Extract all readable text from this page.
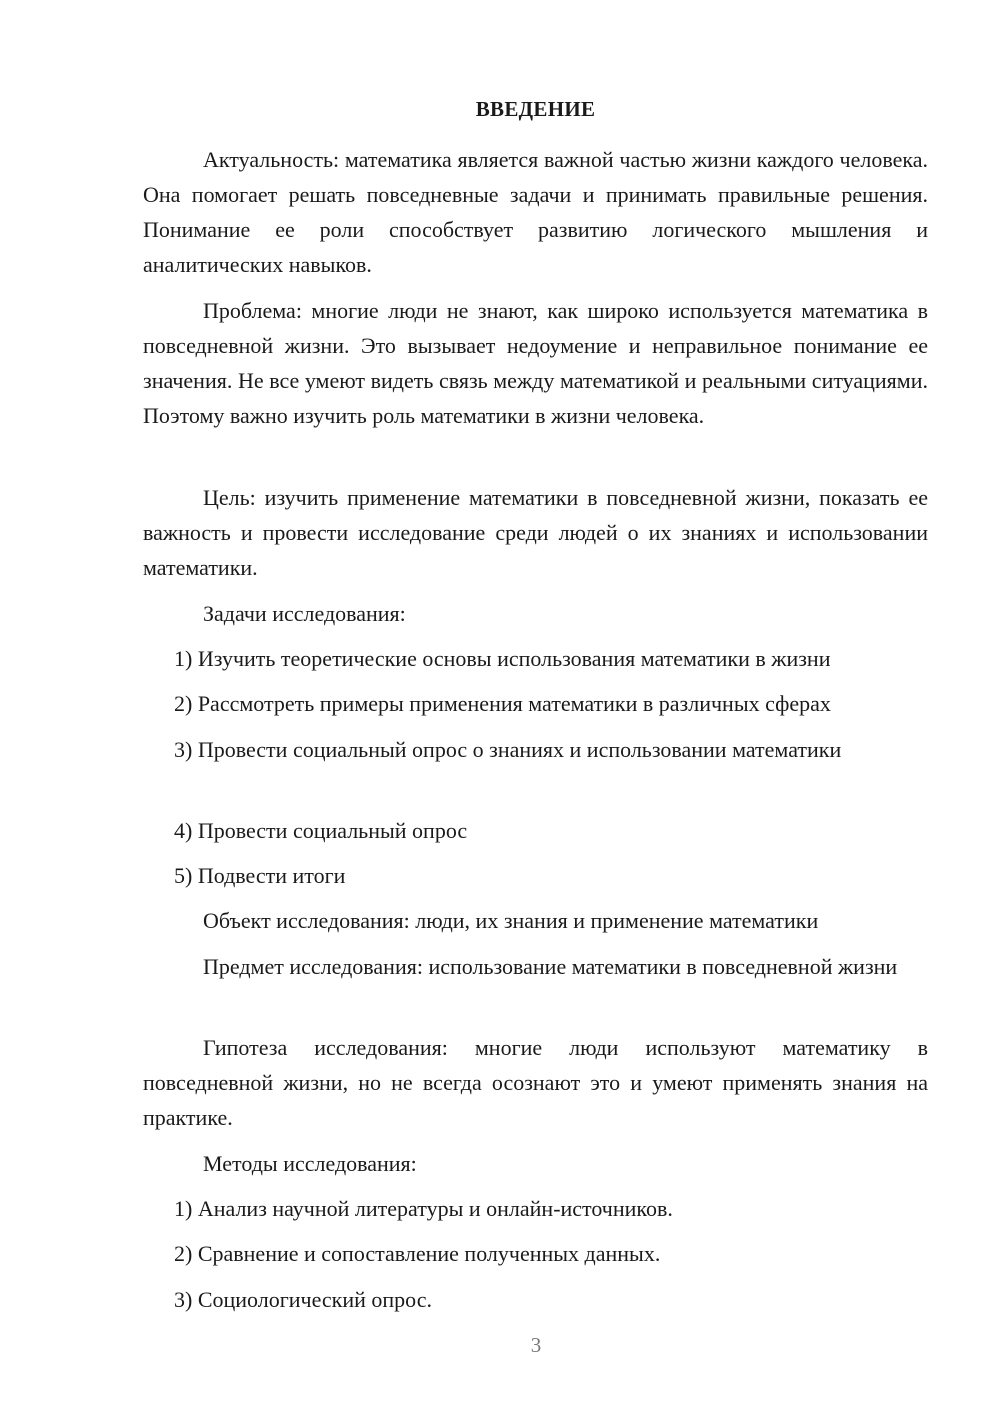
ВВЕДЕНИЕ

Актуальность: математика является важной частью жизни каждого человека. Она помогает решать повседневные задачи и принимать правильные решения. Понимание ее роли способствует развитию логического мышления и аналитических навыков.

Проблема: многие люди не знают, как широко используется математика в повседневной жизни. Это вызывает недоумение и неправильное понимание ее значения. Не все умеют видеть связь между математикой и реальными ситуациями. Поэтому важно изучить роль математики в жизни человека.

Цель: изучить применение математики в повседневной жизни, показать ее важность и провести исследование среди людей о их знаниях и использовании математики.

Задачи исследования:

1) Изучить теоретические основы использования математики в жизни

2) Рассмотреть примеры применения математики в различных сферах

3) Провести социальный опрос о знаниях и использовании математики

4) Провести социальный опрос

5) Подвести итоги

Объект исследования: люди, их знания и применение математики

Предмет исследования: использование математики в повседневной жизни

Гипотеза исследования: многие люди используют математику в повседневной жизни, но не всегда осознают это и умеют применять знания на практике.

Методы исследования:

1) Анализ научной литературы и онлайн-источников.

2) Сравнение и сопоставление полученных данных.

3) Социологический опрос.

3
